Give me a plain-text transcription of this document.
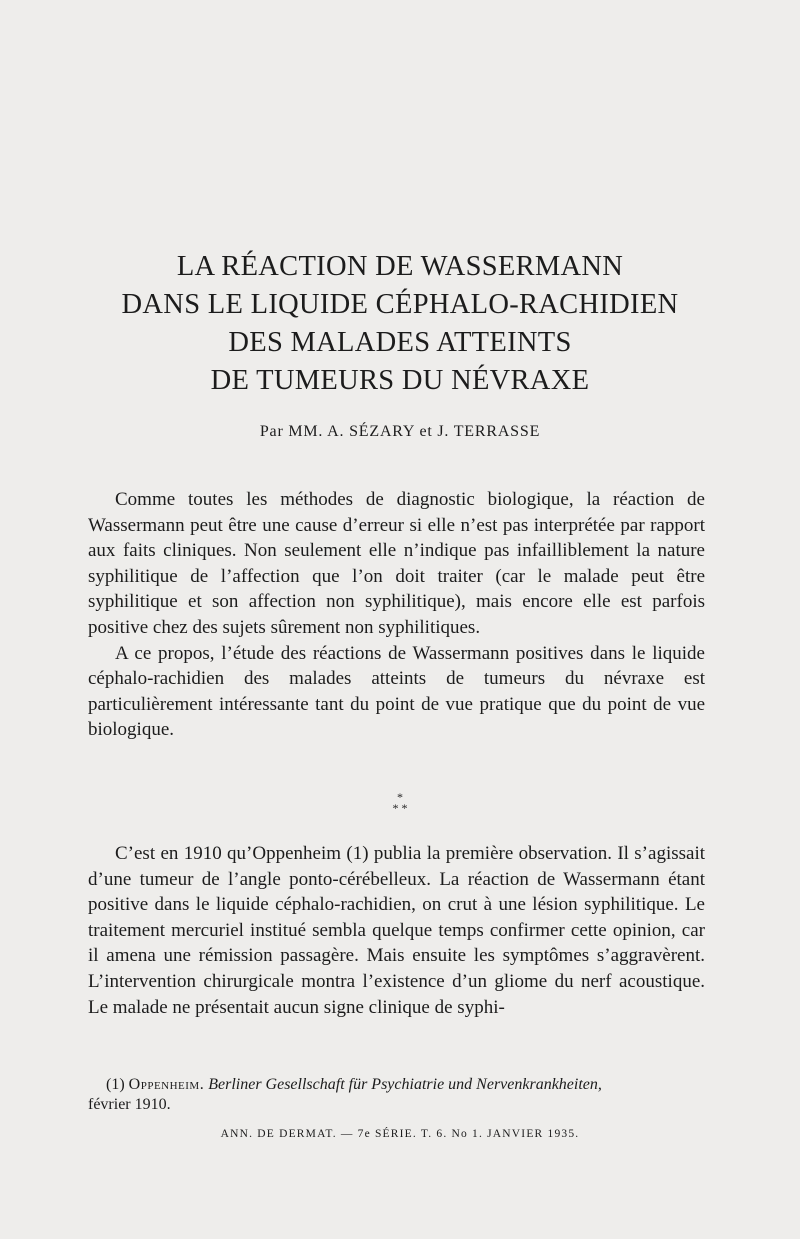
LA RÉACTION DE WASSERMANN
DANS LE LIQUIDE CÉPHALO-RACHIDIEN
DES MALADES ATTEINTS
DE TUMEURS DU NÉVRAXE
Par MM. A. SÉZARY et J. TERRASSE

Comme toutes les méthodes de diagnostic biologique, la réaction de Wassermann peut être une cause d’erreur si elle n’est pas interprétée par rapport aux faits cliniques. Non seulement elle n’indique pas infailliblement la nature syphilitique de l’affection que l’on doit traiter (car le malade peut être syphilitique et son affection non syphilitique), mais encore elle est parfois positive chez des sujets sûrement non syphilitiques.

A ce propos, l’étude des réactions de Wassermann positives dans le liquide céphalo-rachidien des malades atteints de tumeurs du névraxe est particulièrement intéressante tant du point de vue pratique que du point de vue biologique.

*
* *

C’est en 1910 qu’Oppenheim (1) publia la première observation. Il s’agissait d’une tumeur de l’angle ponto-cérébelleux. La réaction de Wassermann étant positive dans le liquide céphalo-rachidien, on crut à une lésion syphilitique. Le traitement mercuriel institué sembla quelque temps confirmer cette opinion, car il amena une rémission passagère. Mais ensuite les symptômes s’aggravèrent. L’intervention chirurgicale montra l’existence d’un gliome du nerf acoustique. Le malade ne présentait aucun signe clinique de syphi-

(1) Oppenheim. Berliner Gesellschaft für Psychiatrie und Nervenkrankheiten,
février 1910.
ANN. DE DERMAT. — 7e SÉRIE. T. 6. No 1. JANVIER 1935.
